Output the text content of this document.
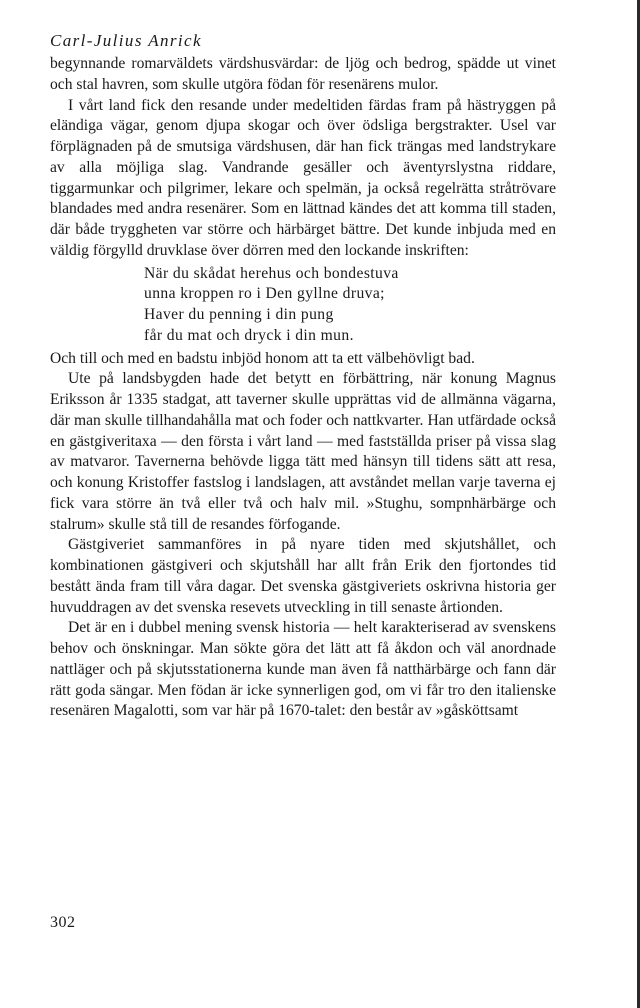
Carl-Julius Anrick

begynnande romarväldets värdshusvärdar: de ljög och bedrog, spädde ut vinet och stal havren, som skulle utgöra födan för resenärens mulor.

I vårt land fick den resande under medeltiden färdas fram på hästryggen på eländiga vägar, genom djupa skogar och över ödsliga bergstrakter. Usel var förplägnaden på de smutsiga värdshusen, där han fick trängas med landstrykare av alla möjliga slag. Vandrande gesäller och äventyrslystna riddare, tiggarmunkar och pilgrimer, lekare och spelmän, ja också regelrätta stråtrövare blandades med andra resenärer. Som en lättnad kändes det att komma till staden, där både tryggheten var större och härbärget bättre. Det kunde inbjuda med en väldig förgylld druvklase över dörren med den lockande inskriften:

När du skådat herehus och bondestuva
unna kroppen ro i Den gyllne druva;
Haver du penning i din pung
får du mat och dryck i din mun.

Och till och med en badstu inbjöd honom att ta ett välbehövligt bad.

Ute på landsbygden hade det betytt en förbättring, när konung Magnus Eriksson år 1335 stadgat, att taverner skulle upprättas vid de allmänna vägarna, där man skulle tillhandahålla mat och foder och nattkvarter. Han utfärdade också en gästgiveritaxa — den första i vårt land — med fastställda priser på vissa slag av matvaror. Tavernerna behövde ligga tätt med hänsyn till tidens sätt att resa, och konung Kristoffer fastslog i landslagen, att avståndet mellan varje taverna ej fick vara större än två eller två och halv mil. »Stughu, sompnhärbärge och stalrum» skulle stå till de resandes förfogande.

Gästgiveriet sammanföres in på nyare tiden med skjutshållet, och kombinationen gästgiveri och skjutshåll har allt från Erik den fjortondes tid bestått ända fram till våra dagar. Det svenska gästgiveriets oskrivna historia ger huvuddragen av det svenska resevets utveckling in till senaste årtionden.

Det är en i dubbel mening svensk historia — helt karakteriserad av svenskens behov och önskningar. Man sökte göra det lätt att få åkdon och väl anordnade nattläger och på skjutsstationerna kunde man även få natthärbärge och fann där rätt goda sängar. Men födan är icke synnerligen god, om vi får tro den italienske resenären Magalotti, som var här på 1670-talet: den består av »gåsköttsamt

302
